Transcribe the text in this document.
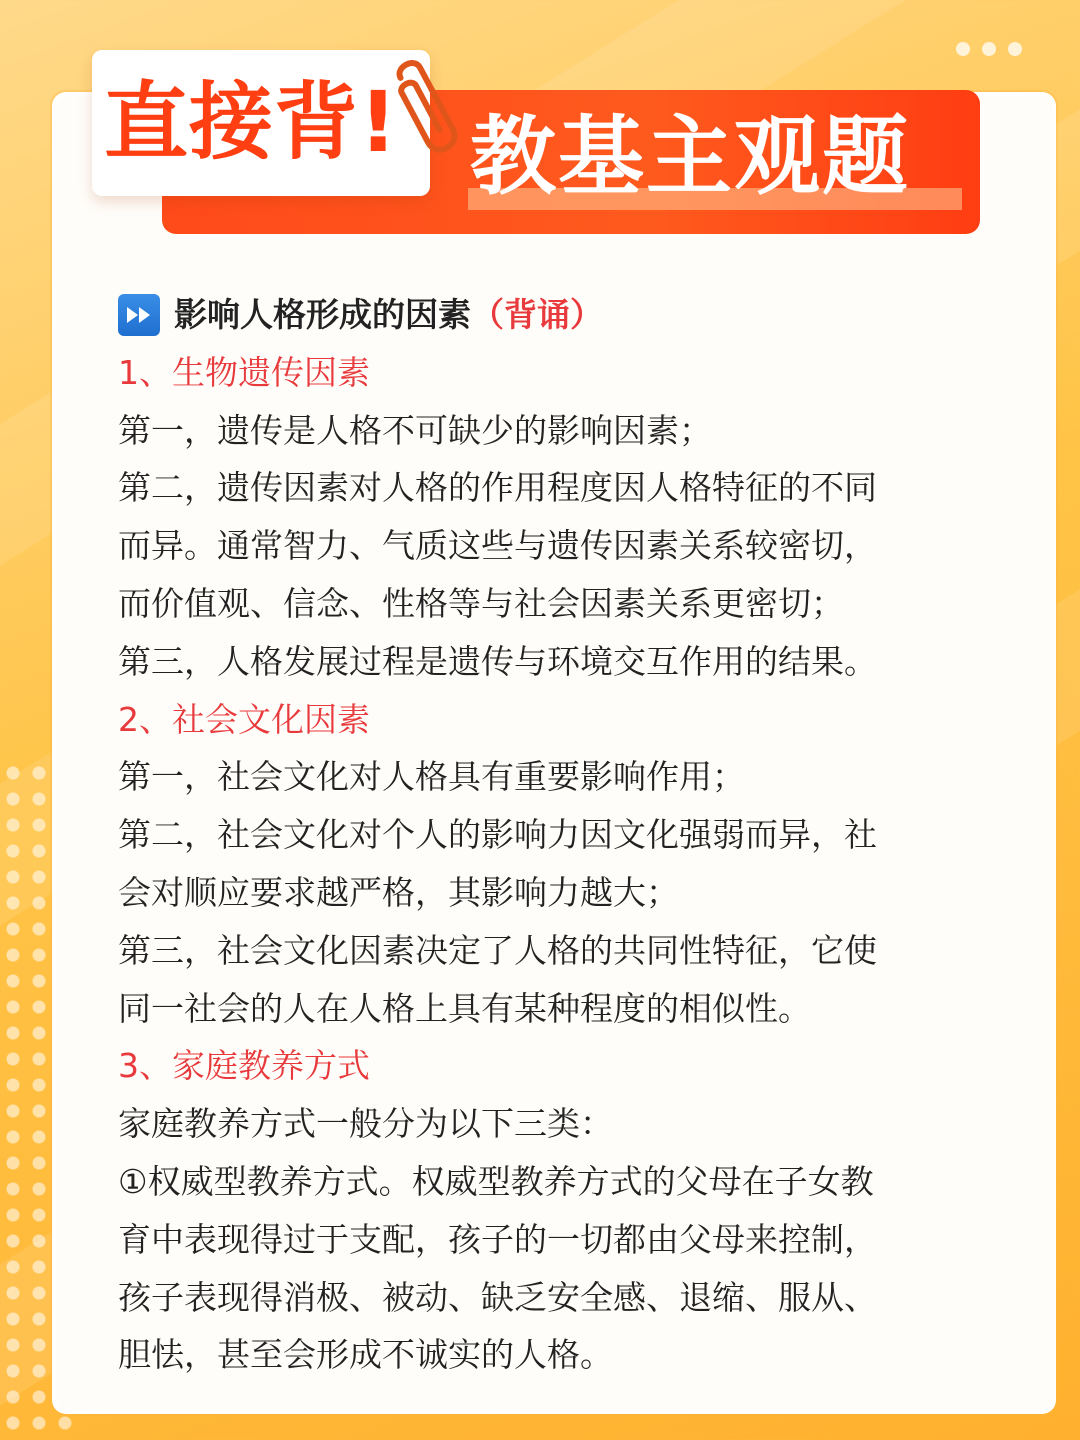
教基主观题
直接背!

影响人格形成的因素 （背诵）

1、生物遗传因素

第一，遗传是人格不可缺少的影响因素；

第二，遗传因素对人格的作用程度因人格特征的不同

而异。通常智力、气质这些与遗传因素关系较密切，

而价值观、信念、性格等与社会因素关系更密切；

第三，人格发展过程是遗传与环境交互作用的结果。

2、社会文化因素

第一，社会文化对人格具有重要影响作用；

第二，社会文化对个人的影响力因文化强弱而异，社

会对顺应要求越严格，其影响力越大；

第三，社会文化因素决定了人格的共同性特征，它使

同一社会的人在人格上具有某种程度的相似性。

3、家庭教养方式

家庭教养方式一般分为以下三类：

①权威型教养方式。权威型教养方式的父母在子女教

育中表现得过于支配，孩子的一切都由父母来控制，

孩子表现得消极、被动、缺乏安全感、退缩、服从、

胆怯，甚至会形成不诚实的人格。
